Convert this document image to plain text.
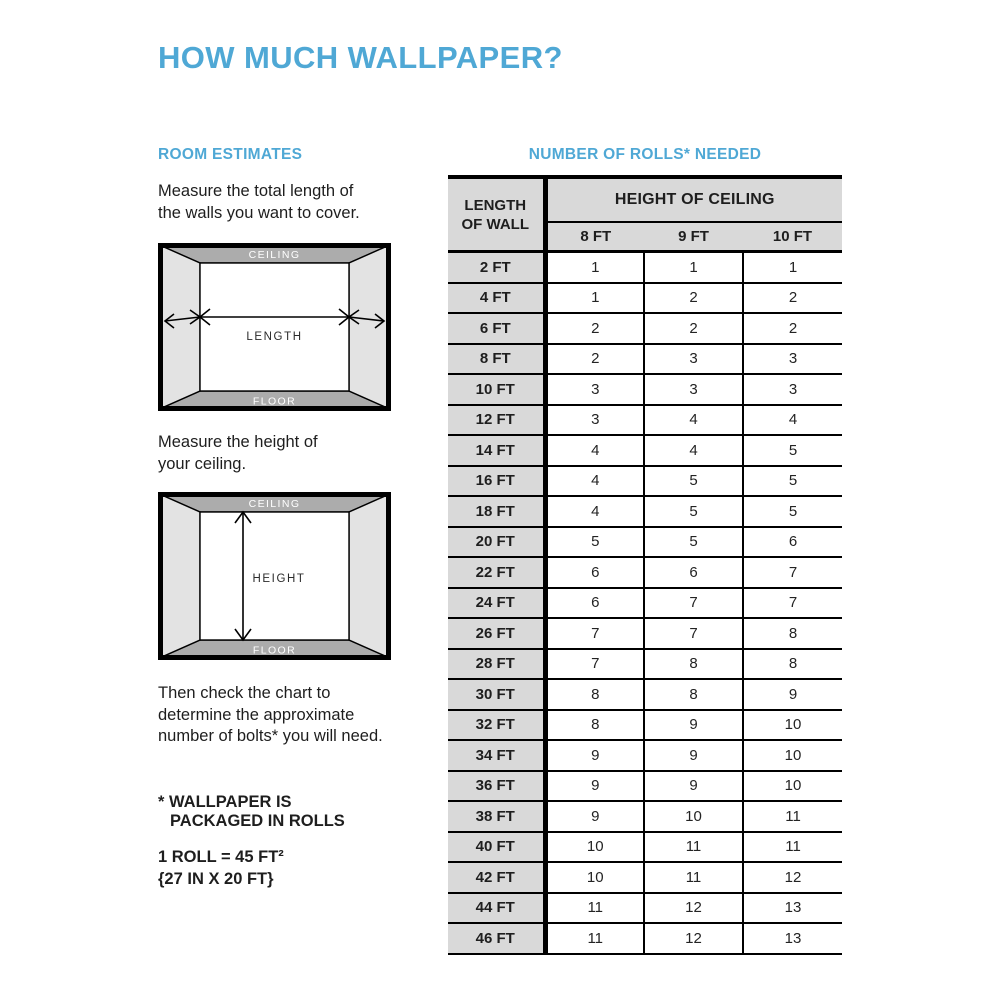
HOW MUCH WALLPAPER?
ROOM ESTIMATES

Measure the total length of
the walls you want to cover.

CEILING
FLOOR
LENGTH

Measure the height of
your ceiling.

CEILING
FLOOR
HEIGHT

Then check the chart to
determine the approximate
number of bolts* you will need.

* WALLPAPER IS
PACKAGED IN ROLLS
1 ROLL = 45 FT²
{27 IN X 20 FT}
NUMBER OF ROLLS* NEEDED
LENGTH
OF WALL	HEIGHT OF CEILING		
	8 FT	9 FT	10 FT
2 FT	1	1	1
4 FT	1	2	2
6 FT	2	2	2
8 FT	2	3	3
10 FT	3	3	3
12 FT	3	4	4
14 FT	4	4	5
16 FT	4	5	5
18 FT	4	5	5
20 FT	5	5	6
22 FT	6	6	7
24 FT	6	7	7
26 FT	7	7	8
28 FT	7	8	8
30 FT	8	8	9
32 FT	8	9	10
34 FT	9	9	10
36 FT	9	9	10
38 FT	9	10	11
40 FT	10	11	11
42 FT	10	11	12
44 FT	11	12	13
46 FT	11	12	13
